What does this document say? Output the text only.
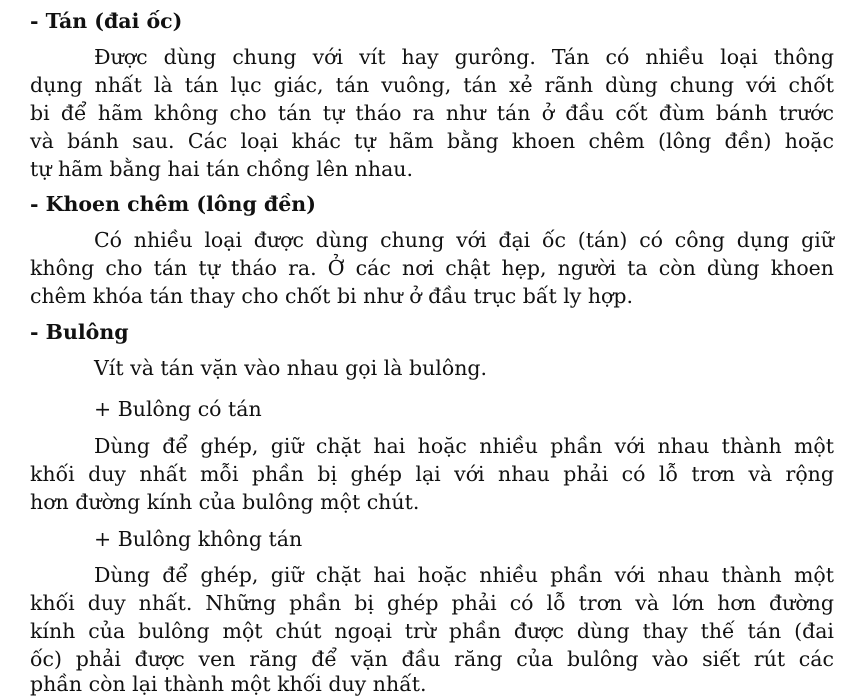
- Tán (đai ốc)
Được dùng chung với vít hay gurông. Tán có nhiều loại thông
dụng nhất là tán lục giác, tán vuông, tán xẻ rãnh dùng chung với chốt
bi để hãm không cho tán tự tháo ra như tán ở đầu cốt đùm bánh trước
và bánh sau. Các loại khác tự hãm bằng khoen chêm (lông đền) hoặc
tự hãm bằng hai tán chồng lên nhau.
- Khoen chêm (lông đền)
Có nhiều loại được dùng chung với đại ốc (tán) có công dụng giữ
không cho tán tự tháo ra. Ở các nơi chật hẹp, người ta còn dùng khoen
chêm khóa tán thay cho chốt bi như ở đầu trục bất ly hợp.
- Bulông
Vít và tán vặn vào nhau gọi là bulông.
+ Bulông có tán
Dùng để ghép, giữ chặt hai hoặc nhiều phần với nhau thành một
khối duy nhất mỗi phần bị ghép lại với nhau phải có lỗ trơn và rộng
hơn đường kính của bulông một chút.
+ Bulông không tán
Dùng để ghép, giữ chặt hai hoặc nhiều phần với nhau thành một
khối duy nhất. Những phần bị ghép phải có lỗ trơn và lớn hơn đường
kính của bulông một chút ngoại trừ phần được dùng thay thế tán (đai
ốc) phải được ven răng để vặn đầu răng của bulông vào siết rút các
phần còn lại thành một khối duy nhất.
